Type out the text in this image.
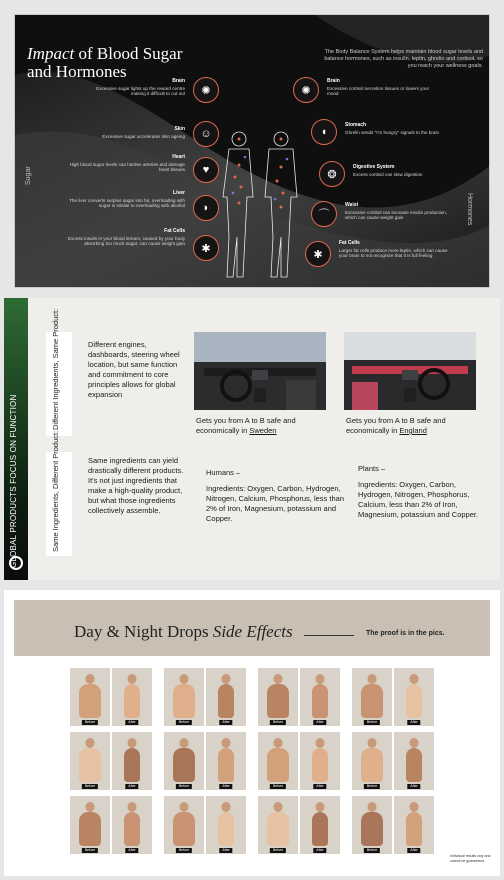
Impact of Blood Sugar
and Hormones
The Body Balance System helps maintain blood sugar levels and balance hormones, such as insulin, leptin, ghrelin and cortisol, so you reach your wellness goals.
Sugar
Hormones
Brain
Excessive sugar lights up the reward centre making it difficult to cut out ✺
Skin
Excessive sugar accelerates skin ageing ☺
Heart
High blood sugar levels can harden arteries and damage heart tissues ♥
Liver
The liver converts surplus sugar into fat, overloading with sugar is similar to overloading with alcohol ◗
Fat Cells
Excess insulin in your blood stream, caused by your body absorbing too much sugar, can cause weight gain ✱
✺
Brain
Excessive cortisol secretion tissues or lowers your mood
◖
Stomach
Ghrelin sends "I'm hungry" signals to the brain
❂
Digestive System
Excess cortisol can slow digestion
⌒
Waist
Excessive cortisol can increase insulin production, which can cause weight gain
✱
Fat Cells
Larger fat cells produce more leptin, which can cause your brain to not recognize that it is full feeling
GLOBAL PRODUCTS FOCUS ON FUNCTION
Different Ingredients, Same Product:
Same Ingredients, Different Product:
Different engines, dashboards, steering wheel location, but same function and commitment to core principles allows for global expansion
Same ingredients can yield drastically different products. It's not just ingredients that make a high-quality product, but what those ingredients collectively assemble.
Gets you from A to B safe and economically in Sweden
Gets you from A to B safe and economically in England
Humans –
Ingredients: Oxygen, Carbon, Hydrogen, Nitrogen, Calcium, Phosphorus, less than 2% of Iron, Magnesium, potassium and Copper.
Plants –
Ingredients: Oxygen, Carbon, Hydrogen, Nitrogen, Phosphorus, Calcium, less than 2% of Iron, Magnesium, potassium and Copper.
Day & Night Drops Side Effects	The proof is in the pics.
Before	After	Before	After	Before	After	Before	After
Before	After	Before	After	Before	After	Before	After
Before	After	Before	After	Before	After	Before	After
Individual results vary and cannot be guaranteed.
